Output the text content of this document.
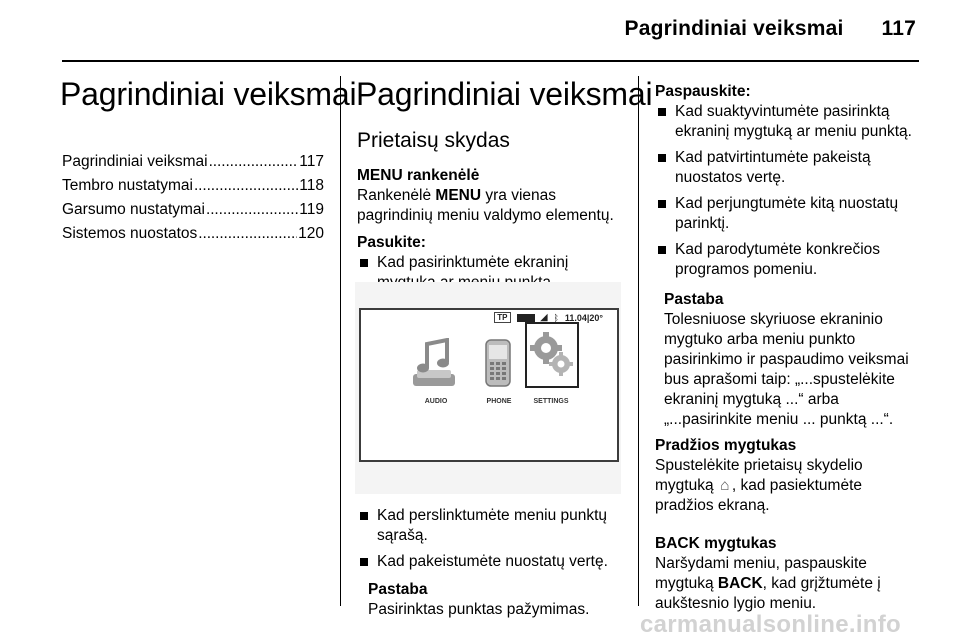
Pagrindiniai veiksmai 117
Pagrindiniai veiksmai
Pagrindiniai veiksmai . . .	117
Tembro nustatymai . . .	118
Garsumo nustatymai . . .	119
Sistemos nuostatos . . .	120
Pagrindiniai veiksmai
Prietaisų skydas
MENU rankenėlė
Rankenėlė MENU yra vienas pagrindinių meniu valdymo elementų.
Pasukite:
Kad pasirinktumėte ekraninį
TP	◢ ᛒ 11.04|20°
AUDIO	PHONE	SETTINGS
Kad perslinktumėte meniu punktų sąrašą.
Kad pakeistumėte nuostatų vertę.
Pastaba
Pasirinktas punktas pažymimas.
Paspauskite:
Kad suaktyvintumėte pasirinktą ekraninį mygtuką ar meniu punktą.
Kad patvirtintumėte pakeistą nuostatos vertę.
Kad perjungtumėte kitą nuostatų parinktį.
Kad parodytumėte konkrečios programos pomeniu.
Pastaba
Tolesniuose skyriuose ekraninio mygtuko arba meniu punkto pasirinkimo ir paspaudimo veiksmai bus aprašomi taip: „...spustelėkite ekraninį mygtuką ...“ arba „...pasirinkite meniu ... punktą ...“.
Pradžios mygtukas
Spustelėkite prietaisų skydelio mygtuką ⌂ , kad pasiektumėte pradžios ekraną.
BACK mygtukas
Naršydami meniu, paspauskite mygtuką BACK, kad grįžtumėte į aukštesnio lygio meniu.
carmanualsonline.info
